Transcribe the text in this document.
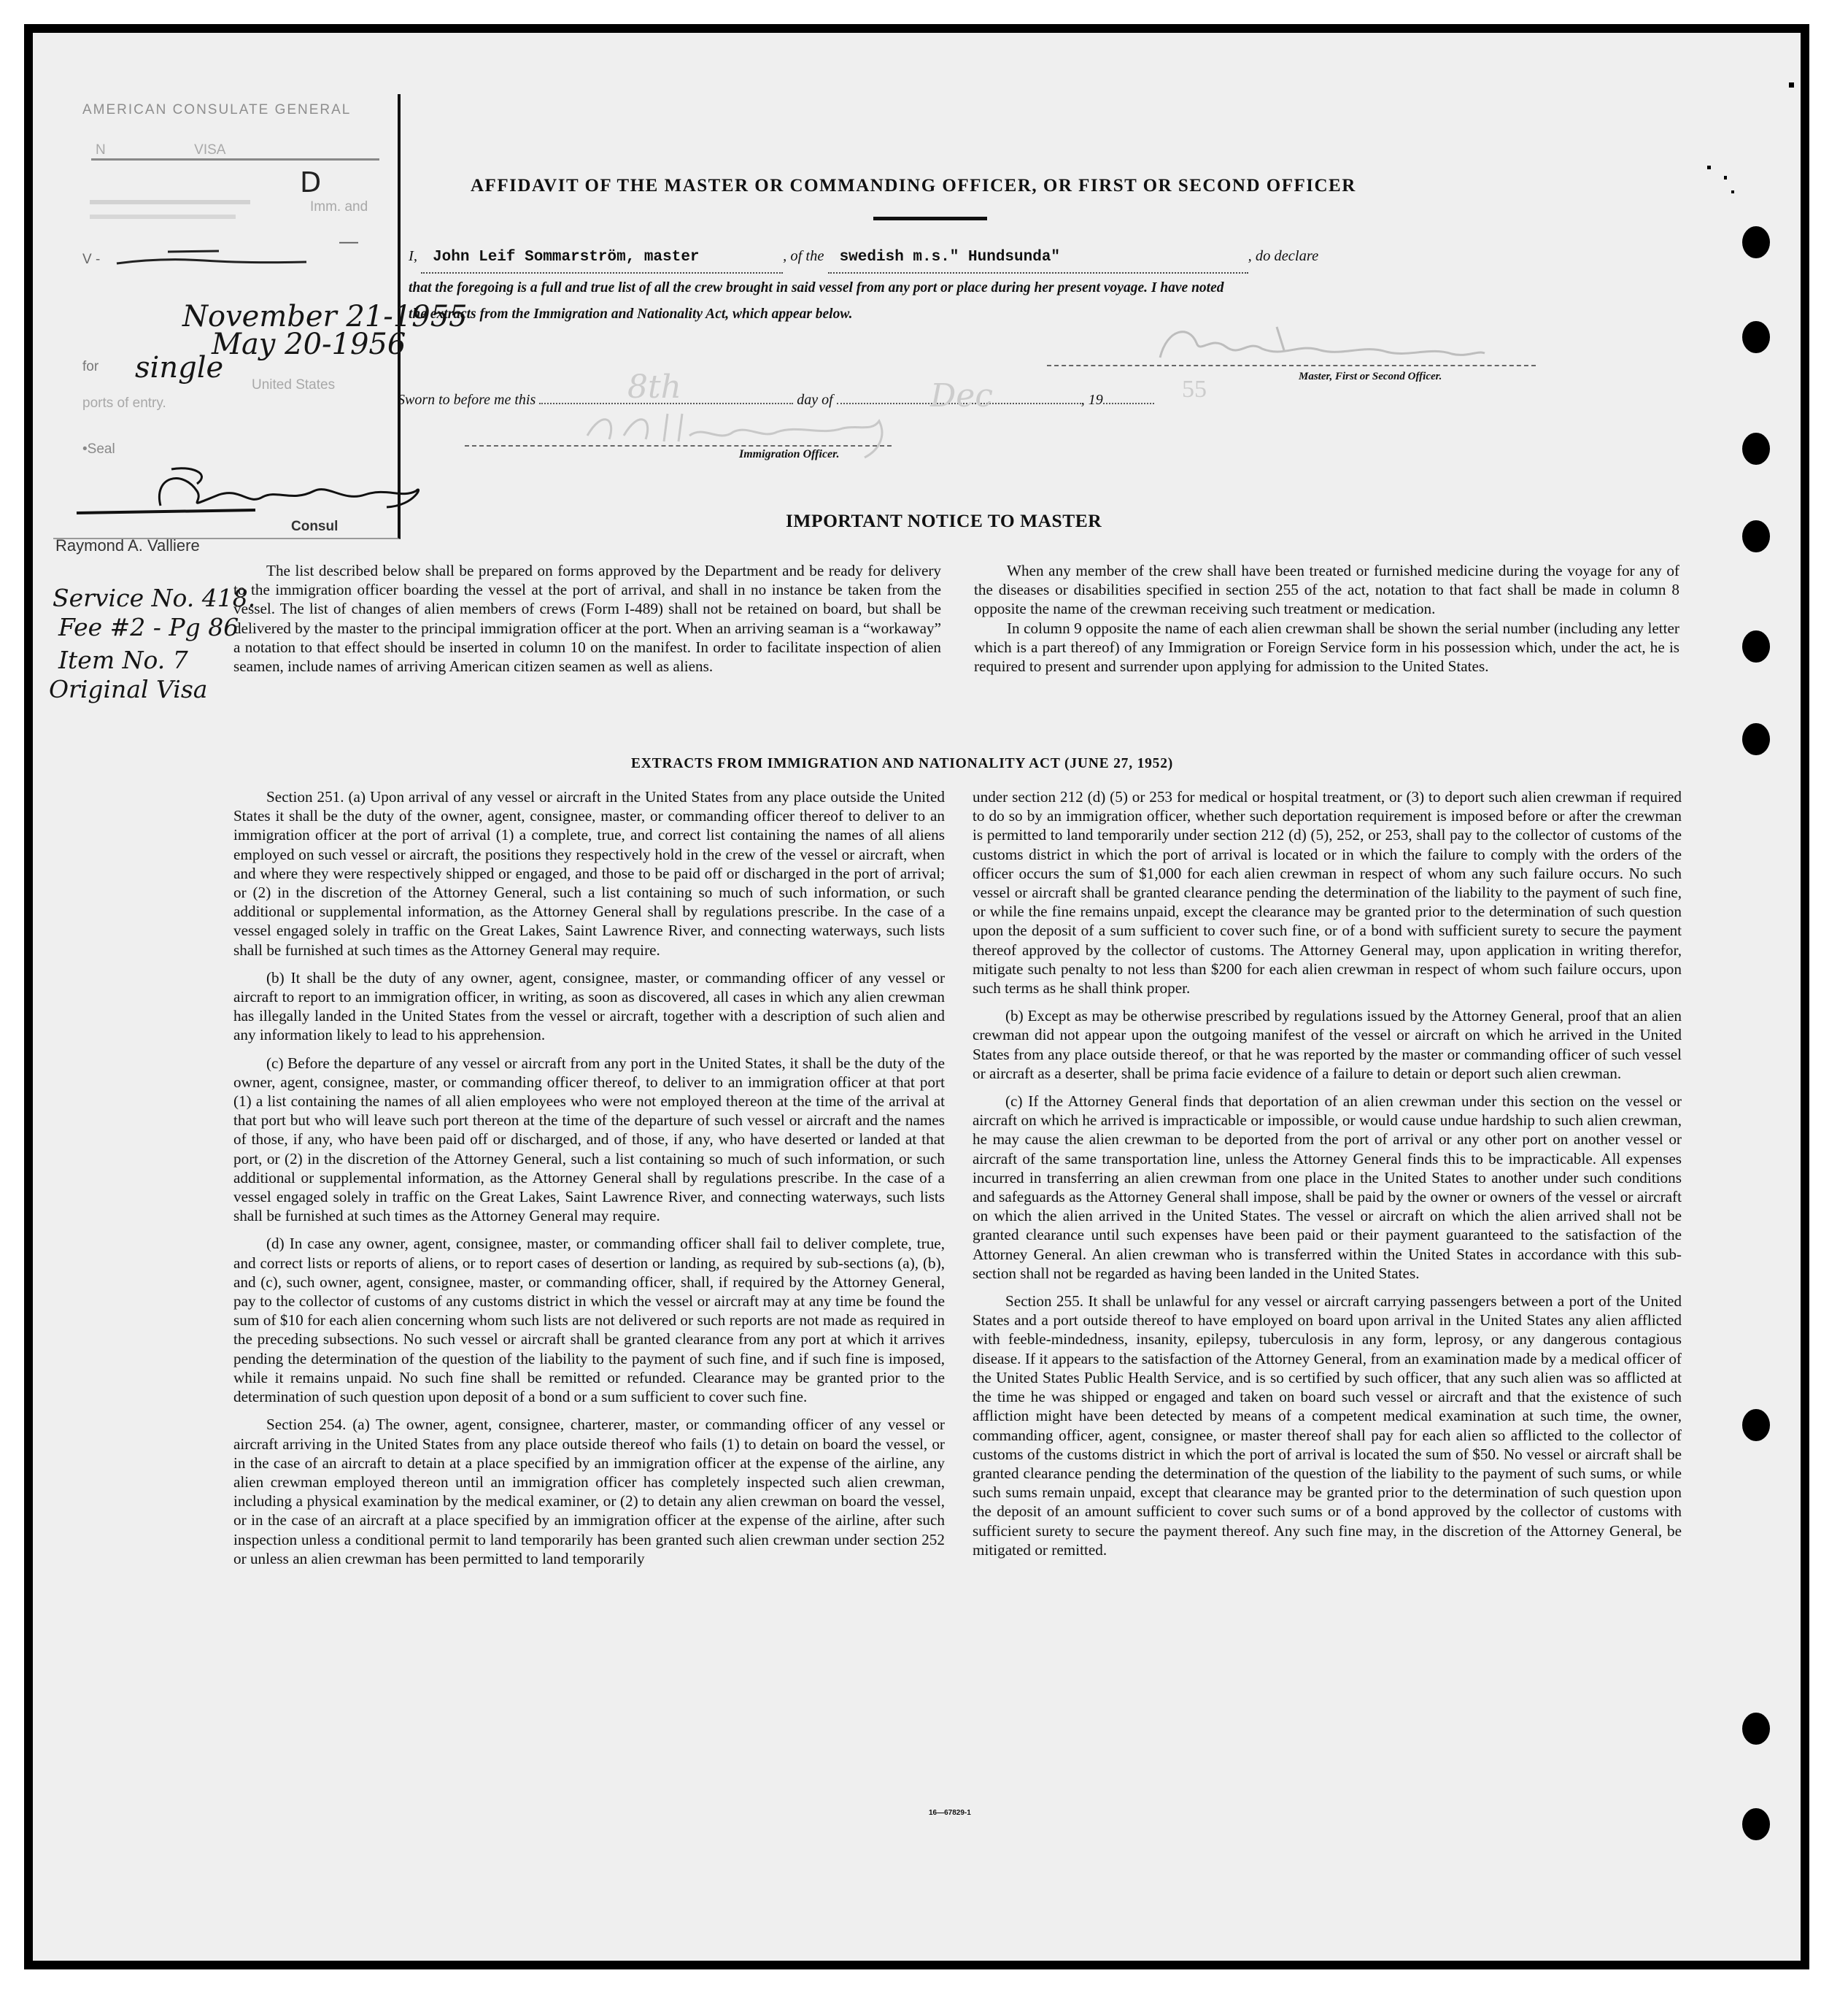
AMERICAN CONSULATE GENERAL
N​                       VISA
D
Imm. and
—
V -
November 21-1955
May 20-1956
for single
United States
ports of entry.
•Seal
Consul
Raymond A. Valliere
Service No. 418.
Fee #2 - Pg 86
Item No. 7
Original Visa
AFFIDAVIT OF THE MASTER OR COMMANDING OFFICER, OR FIRST OR SECOND OFFICER
I, John Leif Sommarström, master	, of the swedish m.s." Hundsunda"	, do declare
that the foregoing is a full and true list of all the crew brought in said vessel from any port or place during her present voyage. I have noted
the extracts from the Immigration and Nationality Act, which appear below.
Master, First or Second Officer.
Sworn to before me this	day of	, 19
8th	Dec	55
Immigration Officer.
IMPORTANT NOTICE TO MASTER

The list described below shall be prepared on forms approved by the Department and be ready for delivery to the immigration officer boarding the vessel at the port of arrival, and shall in no instance be taken from the vessel. The list of changes of alien members of crews (Form I-489) shall not be retained on board, but shall be delivered by the master to the principal immigration officer at the port. When an arriving seaman is a “workaway” a notation to that effect should be inserted in column 10 on the manifest. In order to facilitate inspection of alien seamen, include names of arriving American citizen seamen as well as aliens.

When any member of the crew shall have been treated or furnished medicine during the voyage for any of the diseases or disabilities specified in section 255 of the act, notation to that fact shall be made in column 8 opposite the name of the crewman receiving such treatment or medication.

In column 9 opposite the name of each alien crewman shall be shown the serial number (including any letter which is a part thereof) of any Immigration or Foreign Service form in his possession which, under the act, he is required to present and surrender upon applying for admission to the United States.

EXTRACTS FROM IMMIGRATION AND NATIONALITY ACT (JUNE 27, 1952)

Section 251. (a) Upon arrival of any vessel or aircraft in the United States from any place outside the United States it shall be the duty of the owner, agent, consignee, master, or commanding officer thereof to deliver to an immigration officer at the port of arrival (1) a complete, true, and correct list containing the names of all aliens employed on such vessel or aircraft, the positions they respectively hold in the crew of the vessel or aircraft, when and where they were respectively shipped or engaged, and those to be paid off or discharged in the port of arrival; or (2) in the discretion of the Attorney General, such a list containing so much of such information, or such additional or supplemental information, as the Attorney General shall by regulations prescribe. In the case of a vessel engaged solely in traffic on the Great Lakes, Saint Lawrence River, and connecting waterways, such lists shall be furnished at such times as the Attorney General may require.

(b) It shall be the duty of any owner, agent, consignee, master, or commanding officer of any vessel or aircraft to report to an immigration officer, in writing, as soon as discovered, all cases in which any alien crewman has illegally landed in the United States from the vessel or aircraft, together with a description of such alien and any information likely to lead to his apprehension.

(c) Before the departure of any vessel or aircraft from any port in the United States, it shall be the duty of the owner, agent, consignee, master, or commanding officer thereof, to deliver to an immigration officer at that port (1) a list containing the names of all alien employees who were not employed thereon at the time of the arrival at that port but who will leave such port thereon at the time of the departure of such vessel or aircraft and the names of those, if any, who have been paid off or discharged, and of those, if any, who have deserted or landed at that port, or (2) in the discretion of the Attorney General, such a list containing so much of such information, or such additional or supplemental information, as the Attorney General shall by regulations prescribe. In the case of a vessel engaged solely in traffic on the Great Lakes, Saint Lawrence River, and connecting waterways, such lists shall be furnished at such times as the Attorney General may require.

(d) In case any owner, agent, consignee, master, or commanding officer shall fail to deliver complete, true, and correct lists or reports of aliens, or to report cases of desertion or landing, as required by sub-sections (a), (b), and (c), such owner, agent, consignee, master, or commanding officer, shall, if required by the Attorney General, pay to the collector of customs of any customs district in which the vessel or aircraft may at any time be found the sum of $10 for each alien concerning whom such lists are not delivered or such reports are not made as required in the preceding subsections. No such vessel or aircraft shall be granted clearance from any port at which it arrives pending the determination of the question of the liability to the payment of such fine, and if such fine is imposed, while it remains unpaid. No such fine shall be remitted or refunded. Clearance may be granted prior to the determination of such question upon deposit of a bond or a sum sufficient to cover such fine.

Section 254. (a) The owner, agent, consignee, charterer, master, or commanding officer of any vessel or aircraft arriving in the United States from any place outside thereof who fails (1) to detain on board the vessel, or in the case of an aircraft to detain at a place specified by an immigration officer at the expense of the airline, any alien crewman employed thereon until an immigration officer has completely inspected such alien crewman, including a physical examination by the medical examiner, or (2) to detain any alien crewman on board the vessel, or in the case of an aircraft at a place specified by an immigration officer at the expense of the airline, after such inspection unless a conditional permit to land temporarily has been granted such alien crewman under section 252 or unless an alien crewman has been permitted to land temporarily

under section 212 (d) (5) or 253 for medical or hospital treatment, or (3) to deport such alien crewman if required to do so by an immigration officer, whether such deportation requirement is imposed before or after the crewman is permitted to land temporarily under section 212 (d) (5), 252, or 253, shall pay to the collector of customs of the customs district in which the port of arrival is located or in which the failure to comply with the orders of the officer occurs the sum of $1,000 for each alien crewman in respect of whom any such failure occurs. No such vessel or aircraft shall be granted clearance pending the determination of the liability to the payment of such fine, or while the fine remains unpaid, except the clearance may be granted prior to the determination of such question upon the deposit of a sum sufficient to cover such fine, or of a bond with sufficient surety to secure the payment thereof approved by the collector of customs. The Attorney General may, upon application in writing therefor, mitigate such penalty to not less than $200 for each alien crewman in respect of whom such failure occurs, upon such terms as he shall think proper.

(b) Except as may be otherwise prescribed by regulations issued by the Attorney General, proof that an alien crewman did not appear upon the outgoing manifest of the vessel or aircraft on which he arrived in the United States from any place outside thereof, or that he was reported by the master or commanding officer of such vessel or aircraft as a deserter, shall be prima facie evidence of a failure to detain or deport such alien crewman.

(c) If the Attorney General finds that deportation of an alien crewman under this section on the vessel or aircraft on which he arrived is impracticable or impossible, or would cause undue hardship to such alien crewman, he may cause the alien crewman to be deported from the port of arrival or any other port on another vessel or aircraft of the same transportation line, unless the Attorney General finds this to be impracticable. All expenses incurred in transferring an alien crewman from one place in the United States to another under such conditions and safeguards as the Attorney General shall impose, shall be paid by the owner or owners of the vessel or aircraft on which the alien arrived in the United States. The vessel or aircraft on which the alien arrived shall not be granted clearance until such expenses have been paid or their payment guaranteed to the satisfaction of the Attorney General. An alien crewman who is transferred within the United States in accordance with this sub-section shall not be regarded as having been landed in the United States.

Section 255. It shall be unlawful for any vessel or aircraft carrying passengers between a port of the United States and a port outside thereof to have employed on board upon arrival in the United States any alien afflicted with feeble-mindedness, insanity, epilepsy, tuberculosis in any form, leprosy, or any dangerous contagious disease. If it appears to the satisfaction of the Attorney General, from an examination made by a medical officer of the United States Public Health Service, and is so certified by such officer, that any such alien was so afflicted at the time he was shipped or engaged and taken on board such vessel or aircraft and that the existence of such affliction might have been detected by means of a competent medical examination at such time, the owner, commanding officer, agent, consignee, or master thereof shall pay for each alien so afflicted to the collector of customs of the customs district in which the port of arrival is located the sum of $50. No vessel or aircraft shall be granted clearance pending the determination of the question of the liability to the payment of such sums, or while such sums remain unpaid, except that clearance may be granted prior to the determination of such question upon the deposit of an amount sufficient to cover such sums or of a bond approved by the collector of customs with sufficient surety to secure the payment thereof. Any such fine may, in the discretion of the Attorney General, be mitigated or remitted.

16—67829-1
